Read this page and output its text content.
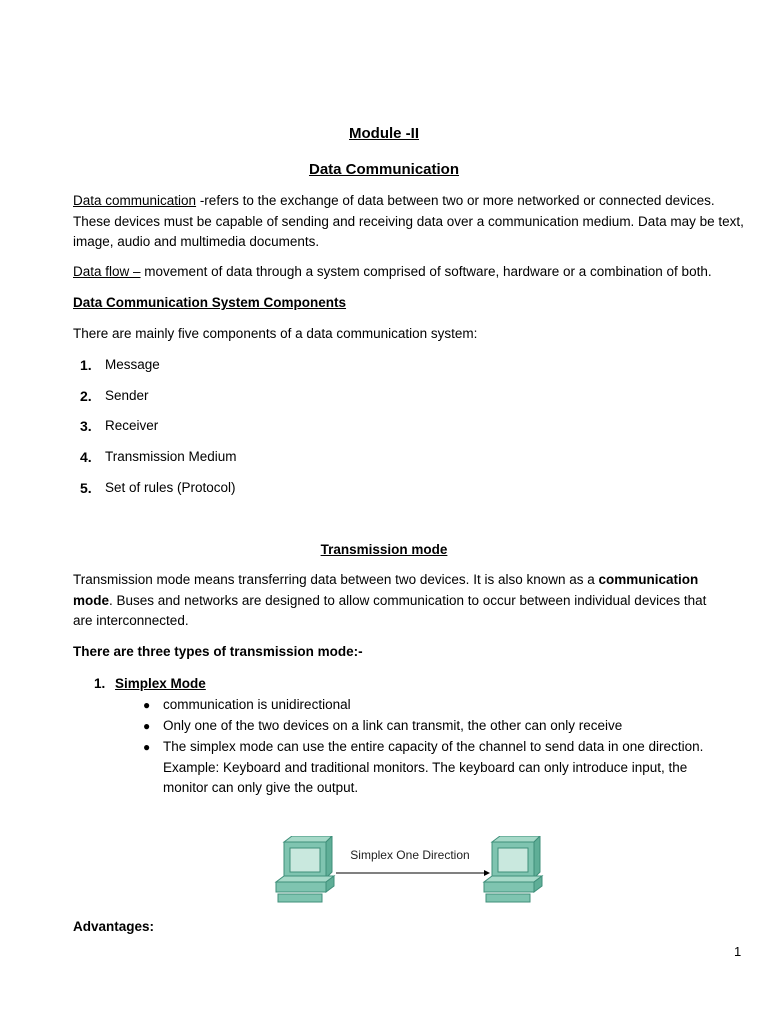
Module -II
Data Communication
Data communication -refers to the exchange of data between two or more networked or connected devices.
These devices must be capable of sending and receiving data over a communication medium. Data may be text,
image, audio and multimedia documents.
Data flow – movement of data through a system comprised of software, hardware or a combination of both.
Data Communication System Components
There are mainly five components of a data communication system:
1. Message
2. Sender
3. Receiver
4. Transmission Medium
5. Set of rules (Protocol)
Transmission mode
Transmission mode means transferring data between two devices. It is also known as a communication
mode. Buses and networks are designed to allow communication to occur between individual devices that
are interconnected.
There are three types of transmission mode:-
1. Simplex Mode
● communication is unidirectional
● Only one of the two devices on a link can transmit, the other can only receive
● The simplex mode can use the entire capacity of the channel to send data in one direction.
Example: Keyboard and traditional monitors. The keyboard can only introduce input, the
monitor can only give the output.
Simplex One Direction
Advantages:
1
